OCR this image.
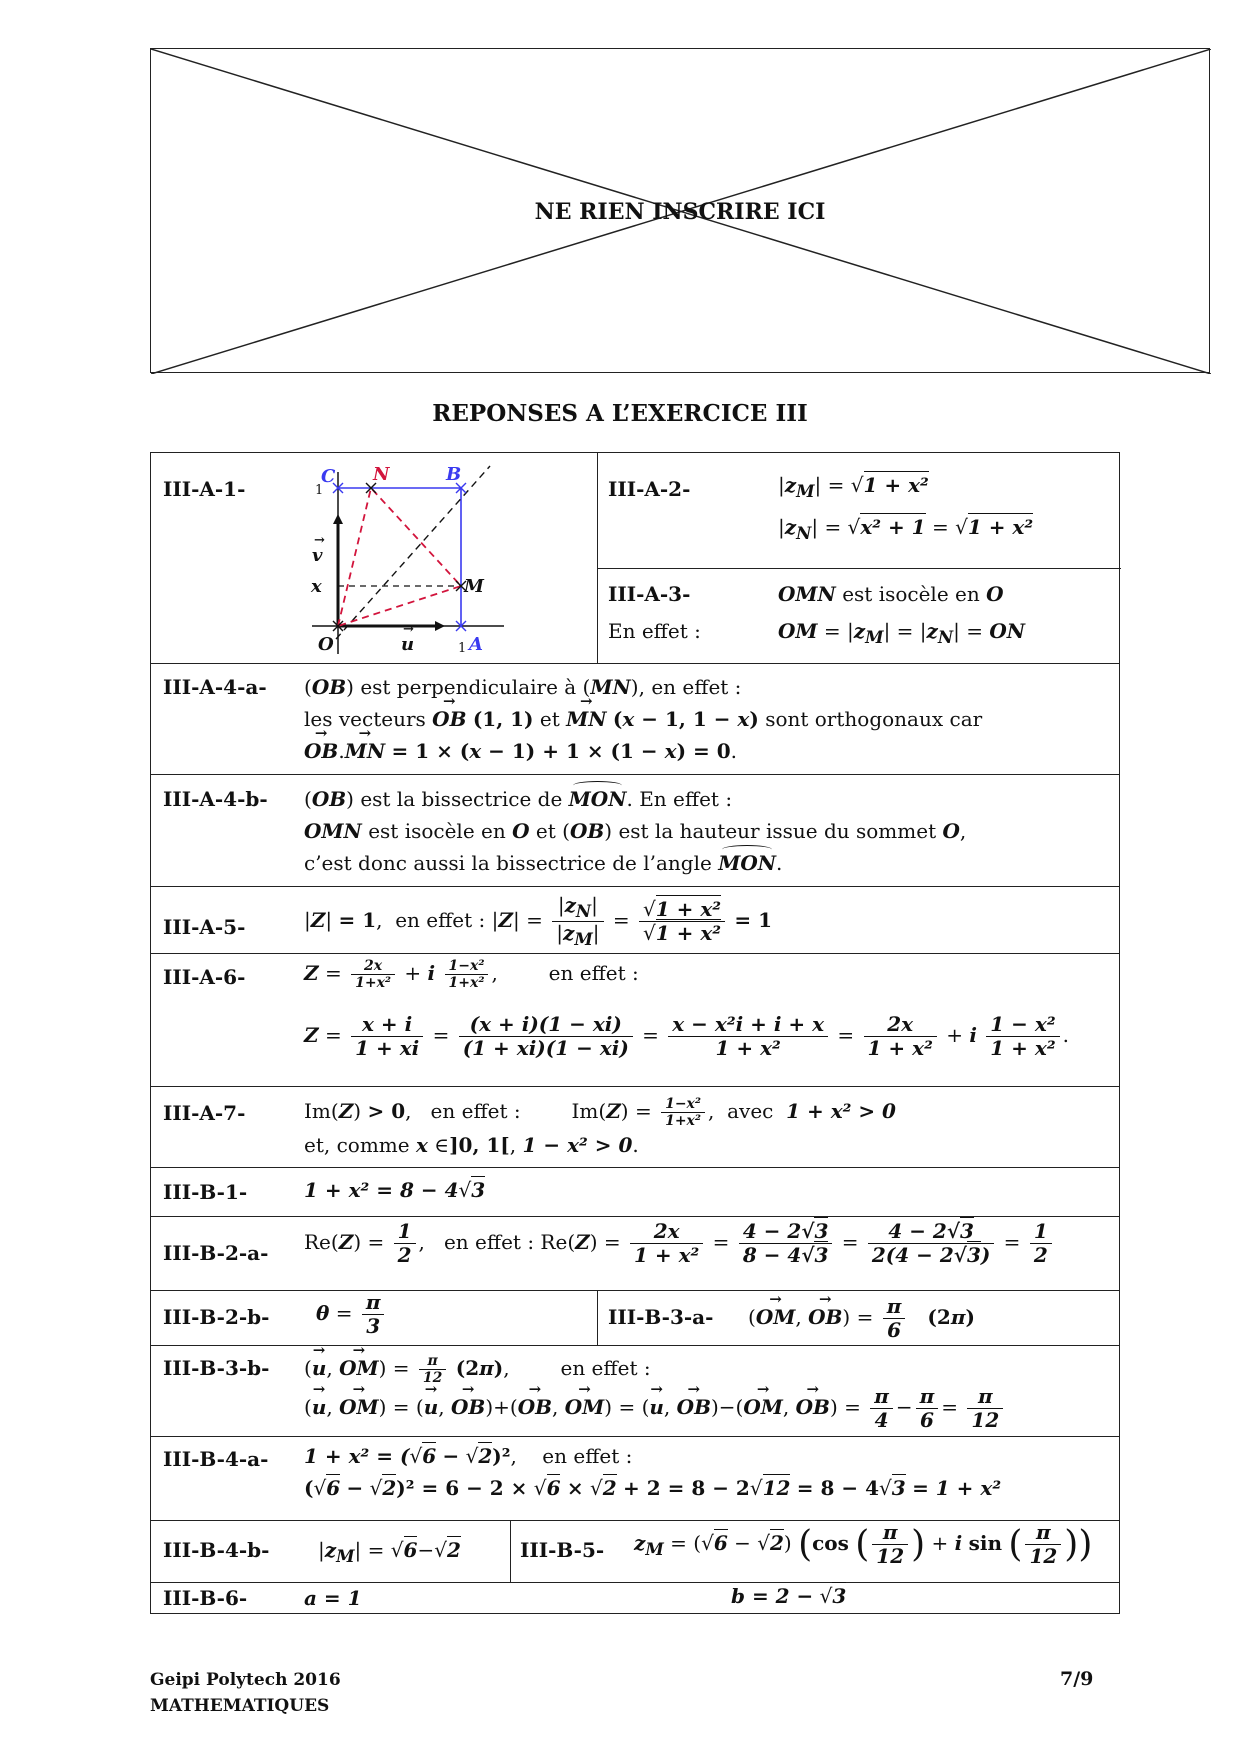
NE RIEN INSCRIRE ICI
REPONSES A L’EXERCICE III
III-A-1-
C N	B
M
O	A
x
u
v
1
1
→
→
III-A-2-	$|z_M| = √1 + x^2$
$|z_N| = √x^2 + 1 = √1 + x^2$
III-A-3-	OMN est isocèle en O
En effet :	OM = $|z_M| = |z_N|$ = ON
III-A-4-a- (OB) est perpendiculaire à (MN), en effet :
les vecteurs → OB (1, 1) et → MN (x − 1, 1 − x) sont orthogonaux car
→ OB.→ MN = 1 × (x − 1) + 1 × (1 − x) = 0.
III-A-4-b- (OB) est la bissectrice de MON. En effet :
OMN est isocèle en O et (OB) est la hauteur issue du sommet O,
c’est donc aussi la bissectrice de l’angle MON.
III-A-5-	|Z| = 1,  en effet : $|Z| = \frac{|z_N|}{|z_M|} = \frac{\text{√1 + x²}}{\text{√1 + x²}} = 1$
III-A-6-	$Z = \frac{2x}{\text{1+x²}} + i \frac{\text{1−x²}}{\text{1+x²}}$ ,        en effet :
$Z = \frac{x + i}{1 + xi} = \frac{(x + i)(1 - xi)}{(1 + xi)(1 - xi)} = \frac{\text{x − x²i + i + x}}{\text{1 + x²}} = \frac{2x}{\text{1 + x²}} + i \frac{\text{1 − x²}}{\text{1 + x²}}$ .
III-A-7-	Im(Z) > 0,   en effet :	$Im(Z) = \frac{\text{1−x²}}{\text{1+x²}}$ ,  avec 1 + x² > 0
et, comme x ∈]0, 1[, 1 − x² > 0.
III-B-1-	1 + x² = 8 − 4√3
III-B-2-a- $Re(Z) = \frac{1}{2}$ ,   en effet : $Re(Z) = \frac{2x}{\text{1 + x²}} = \frac{4 - 2√3}{8 - 4√3} = \frac{4 - 2√3}{2(4 - 2√3)} = \frac{1}{2}$
III-B-2-b- $\theta = \frac{\pi}{3}$	III-B-3-a- (→ OM, → $OB) = \frac{\pi}{6} (2\pi)$
III-B-3-b- (→ u, → $OM) = \frac{\pi}{12} (2\pi)$,        en effet :
(→ u, → OM) = (→ u, → OB)+(→ OB, → OM) = (→ u, → OB)−(→ OM, → $OB) = \frac{\pi}{4} - \frac{\pi}{6} = \frac{\pi}{12}$
III-B-4-a- 1 + x² = (√6 − √2)²,    en effet :
(√6 − √2)² = 6 − 2 × √6 × √2 + 2 = 8 − 2√12 = 8 − 4√3 = 1 + x²
III-B-4-b- $|z_M| = √6-√2$	III-B-5- $z_M = (√6 - √2)$ (cos ( $\frac{\pi}{12}$ ) + i sin ( $\frac{\pi}{12}$ ))
III-B-6-	a = 1	b = 2 − √3
Geipi Polytech 2016
MATHEMATIQUES
7/9
